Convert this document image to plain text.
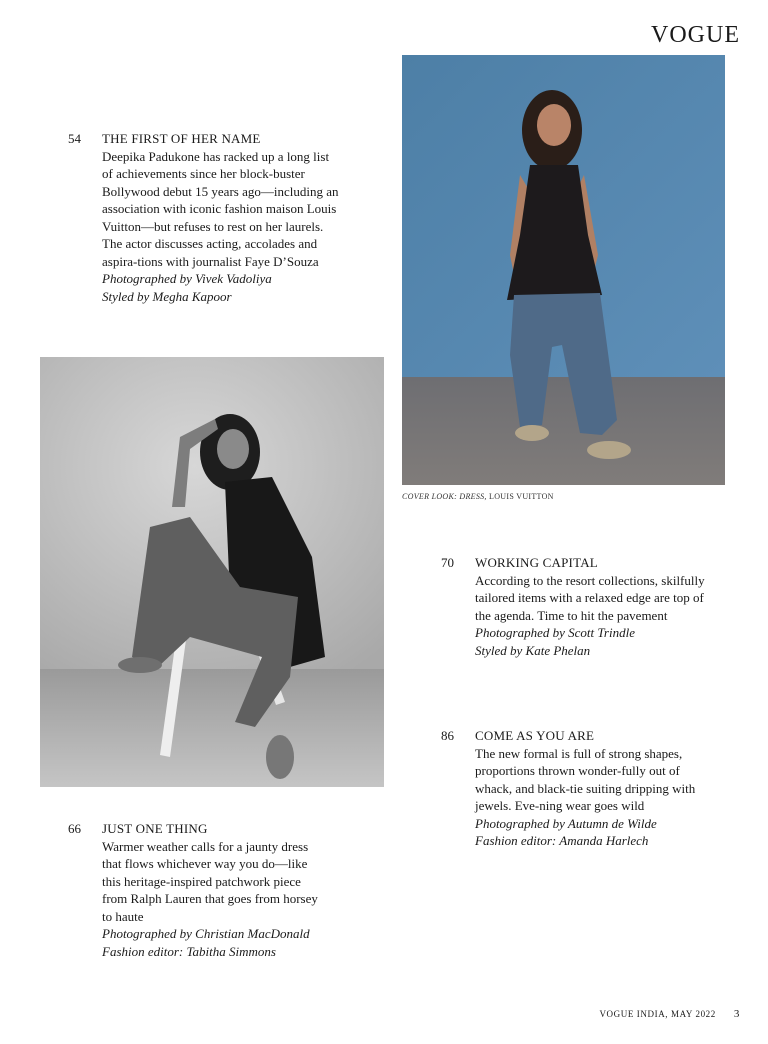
VOGUE
COVER LOOK: DRESS, LOUIS VUITTON
54	THE FIRST OF HER NAME
Deepika Padukone has racked up a long list of achievements since her block-buster Bollywood debut 15 years ago—including an association with iconic fashion maison Louis Vuitton—but refuses to rest on her laurels. The actor discusses acting, accolades and aspira-tions with journalist Faye D’Souza
Photographed by Vivek Vadoliya
Styled by Megha Kapoor
66	JUST ONE THING
Warmer weather calls for a jaunty dress that flows whichever way you do—like this heritage-inspired patchwork piece from Ralph Lauren that goes from horsey to haute
Photographed by Christian MacDonald
Fashion editor: Tabitha Simmons
70	WORKING CAPITAL
According to the resort collections, skilfully tailored items with a relaxed edge are top of the agenda. Time to hit the pavement
Photographed by Scott Trindle
Styled by Kate Phelan
86	COME AS YOU ARE
The new formal is full of strong shapes, proportions thrown wonder-fully out of whack, and black-tie suiting dripping with jewels. Eve-ning wear goes wild
Photographed by Autumn de Wilde
Fashion editor: Amanda Harlech
VOGUE INDIA, MAY 2022 3
